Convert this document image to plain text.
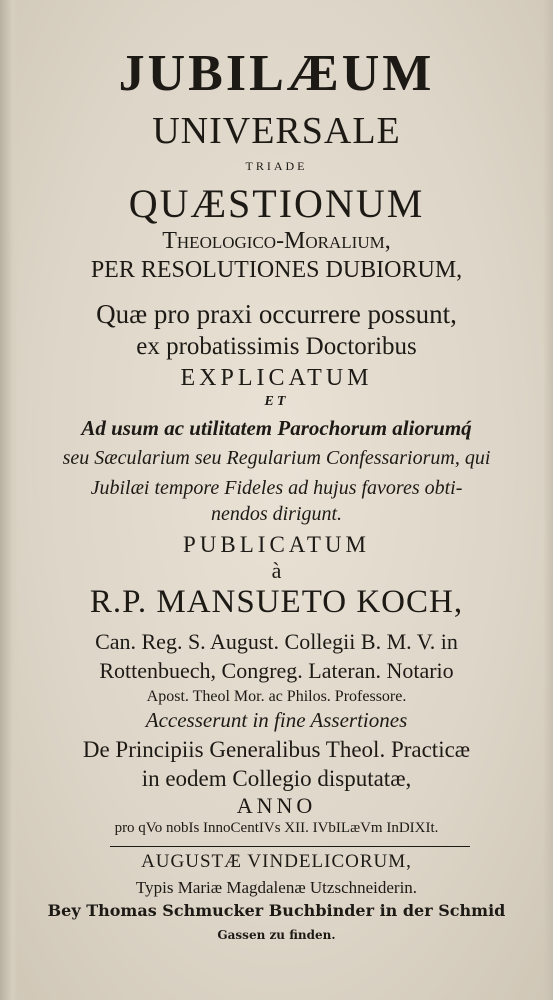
JUBILÆUM
UNIVERSALE
TRIADE
QUÆSTIONUM
Theologico-Moralium,
PER RESOLUTIONES DUBIORUM,
Quæ pro praxi occurrere possunt,
ex probatissimis Doctoribus
EXPLICATUM
ET
Ad usum ac utilitatem Parochorum aliorumq́
seu Sæcularium seu Regularium Confessariorum, qui
Jubilæi tempore Fideles ad hujus favores obti-
nendos dirigunt.
PUBLICATUM
à
R.P. MANSUETO KOCH,
Can. Reg. S. August. Collegii B. M. V. in
Rottenbuech, Congreg. Lateran. Notario
Apost. Theol Mor. ac Philos. Professore.
Accesserunt in fine Assertiones
De Principiis Generalibus Theol. Practicæ
in eodem Collegio disputatæ,
ANNO
pro qVo nobIs InnoCentIVs XII. IVbILæVm InDIXIt.
AUGUSTÆ VINDELICORUM,
Typis Mariæ Magdalenæ Utzschneiderin.
Bey Thomas Schmucker Buchbinder in der Schmid
Gassen zu finden.
